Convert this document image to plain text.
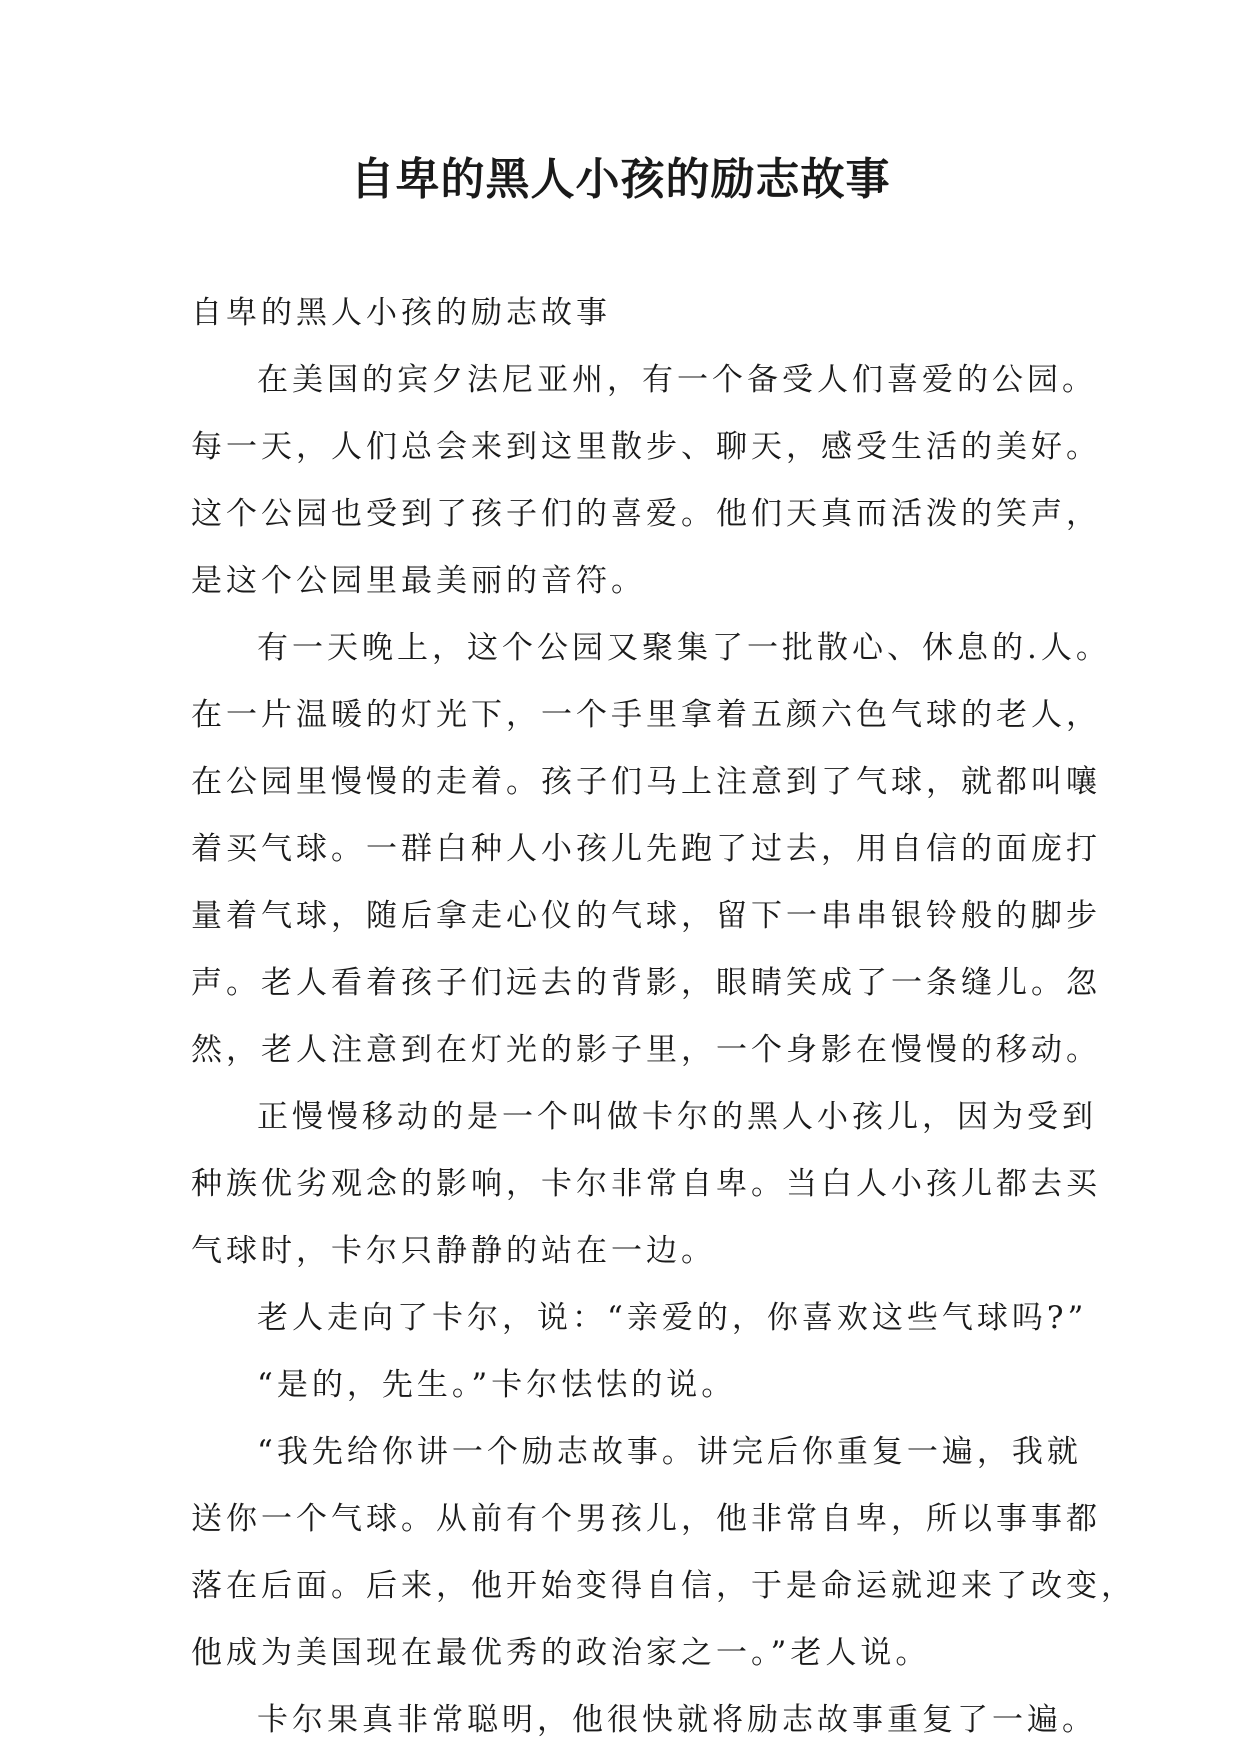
自卑的黑人小孩的励志故事
自卑的黑人小孩的励志故事
在美国的宾夕法尼亚州，有一个备受人们喜爱的公园。
每一天，人们总会来到这里散步、聊天，感受生活的美好。
这个公园也受到了孩子们的喜爱。他们天真而活泼的笑声，
是这个公园里最美丽的音符。
有一天晚上，这个公园又聚集了一批散心、休息的.人。
在一片温暖的灯光下，一个手里拿着五颜六色气球的老人，
在公园里慢慢的走着。孩子们马上注意到了气球，就都叫嚷
着买气球。一群白种人小孩儿先跑了过去，用自信的面庞打
量着气球，随后拿走心仪的气球，留下一串串银铃般的脚步
声。老人看着孩子们远去的背影，眼睛笑成了一条缝儿。忽
然，老人注意到在灯光的影子里，一个身影在慢慢的移动。
正慢慢移动的是一个叫做卡尔的黑人小孩儿，因为受到
种族优劣观念的影响，卡尔非常自卑。当白人小孩儿都去买
气球时，卡尔只静静的站在一边。
老人走向了卡尔，说：“亲爱的，你喜欢这些气球吗?”
“是的，先生。”卡尔怯怯的说。
“我先给你讲一个励志故事。讲完后你重复一遍，我就
送你一个气球。从前有个男孩儿，他非常自卑，所以事事都
落在后面。后来，他开始变得自信，于是命运就迎来了改变，
他成为美国现在最优秀的政治家之一。”老人说。
卡尔果真非常聪明，他很快就将励志故事重复了一遍。
